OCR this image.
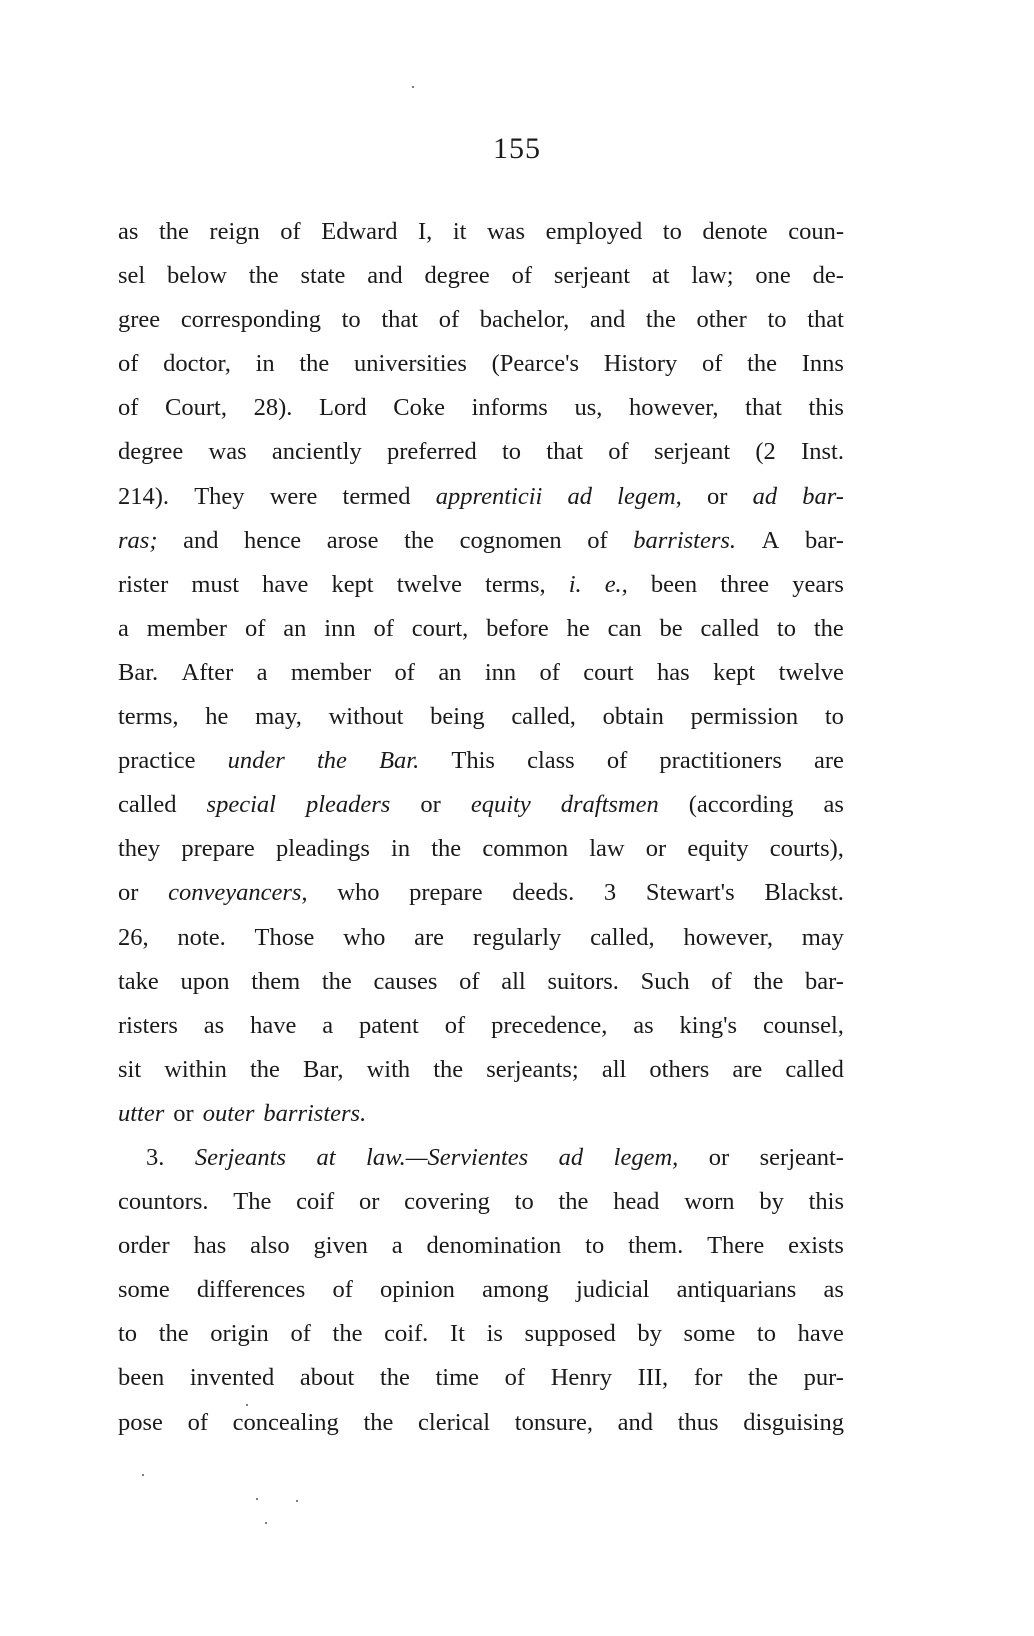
155
as the reign of Edward I, it was employed to denote coun-
sel below the state and degree of serjeant at law; one de-
gree corresponding to that of bachelor, and the other to that
of doctor, in the universities (Pearce's History of the Inns
of Court, 28). Lord Coke informs us, however, that this
degree was anciently preferred to that of serjeant (2 Inst.
214). They were termed apprenticii ad legem, or ad bar-
ras; and hence arose the cognomen of barristers. A bar-
rister must have kept twelve terms, i. e., been three years
a member of an inn of court, before he can be called to the
Bar. After a member of an inn of court has kept twelve
terms, he may, without being called, obtain permission to
practice under the Bar. This class of practitioners are
called special pleaders or equity draftsmen (according as
they prepare pleadings in the common law or equity courts),
or conveyancers, who prepare deeds. 3 Stewart's Blackst.
26, note. Those who are regularly called, however, may
take upon them the causes of all suitors. Such of the bar-
risters as have a patent of precedence, as king's counsel,
sit within the Bar, with the serjeants; all others are called
utter or outer barristers.
3. Serjeants at law.—Servientes ad legem, or serjeant-
countors. The coif or covering to the head worn by this
order has also given a denomination to them. There exists
some differences of opinion among judicial antiquarians as
to the origin of the coif. It is supposed by some to have
been invented about the time of Henry III, for the pur-
pose of concealing the clerical tonsure, and thus disguising
